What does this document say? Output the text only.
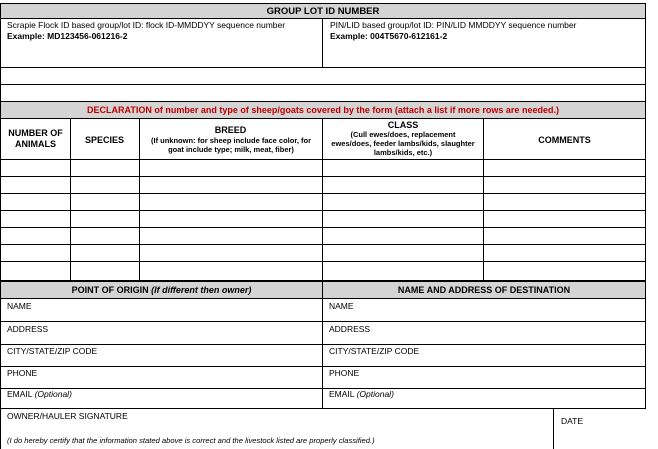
GROUP LOT ID NUMBER
Scrapie Flock ID based group/lot ID: flock ID-MMDDYY sequence number
Example: MD123456-061216-2
PIN/LID based group/lot ID: PIN/LID MMDDYY sequence number
Example: 004T5670-612161-2
DECLARATION of number and type of sheep/goats covered by the form (attach a list if more rows are needed.)
NUMBER OF ANIMALS	SPECIES
BREED
(If unknown: for sheep include face color, for goat include type; milk, meat, fiber)
CLASS
(Cull ewes/does, replacement ewes/does, feeder lambs/kids, slaughter lambs/kids, etc.)
COMMENTS
POINT OF ORIGIN (If different then owner)	NAME AND ADDRESS OF DESTINATION
NAME
ADDRESS
CITY/STATE/ZIP CODE
PHONE
EMAIL (Optional)
NAME
ADDRESS
CITY/STATE/ZIP CODE
PHONE
EMAIL (Optional)
OWNER/HAULER SIGNATURE
(I do hereby certify that the information stated above is correct and the livestock listed are properly classified.)
DATE
